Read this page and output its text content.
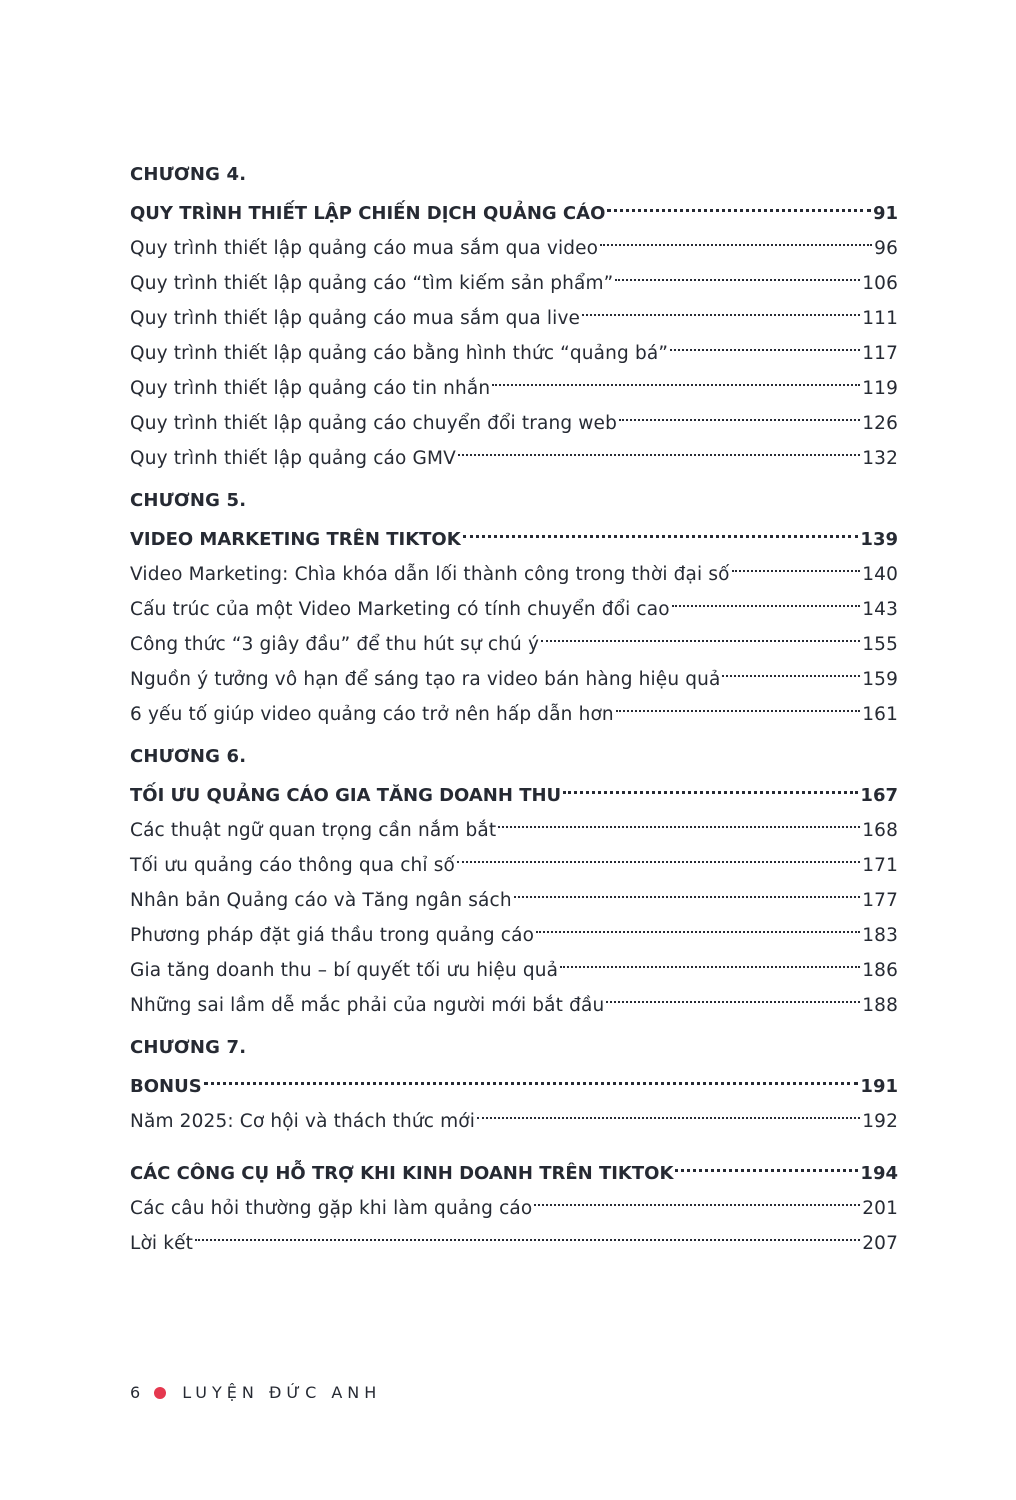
CHƯƠNG 4.
QUY TRÌNH THIẾT LẬP CHIẾN DỊCH QUẢNG CÁO	91
Quy trình thiết lập quảng cáo mua sắm qua video	96
Quy trình thiết lập quảng cáo “tìm kiếm sản phẩm”	106
Quy trình thiết lập quảng cáo mua sắm qua live	111
Quy trình thiết lập quảng cáo bằng hình thức “quảng bá”	117
Quy trình thiết lập quảng cáo tin nhắn	119
Quy trình thiết lập quảng cáo chuyển đổi trang web	126
Quy trình thiết lập quảng cáo GMV	132
CHƯƠNG 5.
VIDEO MARKETING TRÊN TIKTOK	139
Video Marketing: Chìa khóa dẫn lối thành công trong thời đại số	140
Cấu trúc của một Video Marketing có tính chuyển đổi cao	143
Công thức “3 giây đầu” để thu hút sự chú ý	155
Nguồn ý tưởng vô hạn để sáng tạo ra video bán hàng hiệu quả	159
6 yếu tố giúp video quảng cáo trở nên hấp dẫn hơn	161
CHƯƠNG 6.
TỐI ƯU QUẢNG CÁO GIA TĂNG DOANH THU	167
Các thuật ngữ quan trọng cần nắm bắt	168
Tối ưu quảng cáo thông qua chỉ số	171
Nhân bản Quảng cáo và Tăng ngân sách	177
Phương pháp đặt giá thầu trong quảng cáo	183
Gia tăng doanh thu – bí quyết tối ưu hiệu quả	186
Những sai lầm dễ mắc phải của người mới bắt đầu	188
CHƯƠNG 7.
BONUS	191
Năm 2025: Cơ hội và thách thức mới	192
CÁC CÔNG CỤ HỖ TRỢ KHI KINH DOANH TRÊN TIKTOK	194
Các câu hỏi thường gặp khi làm quảng cáo	201
Lời kết	207
6	LUYỆN ĐỨC ANH
